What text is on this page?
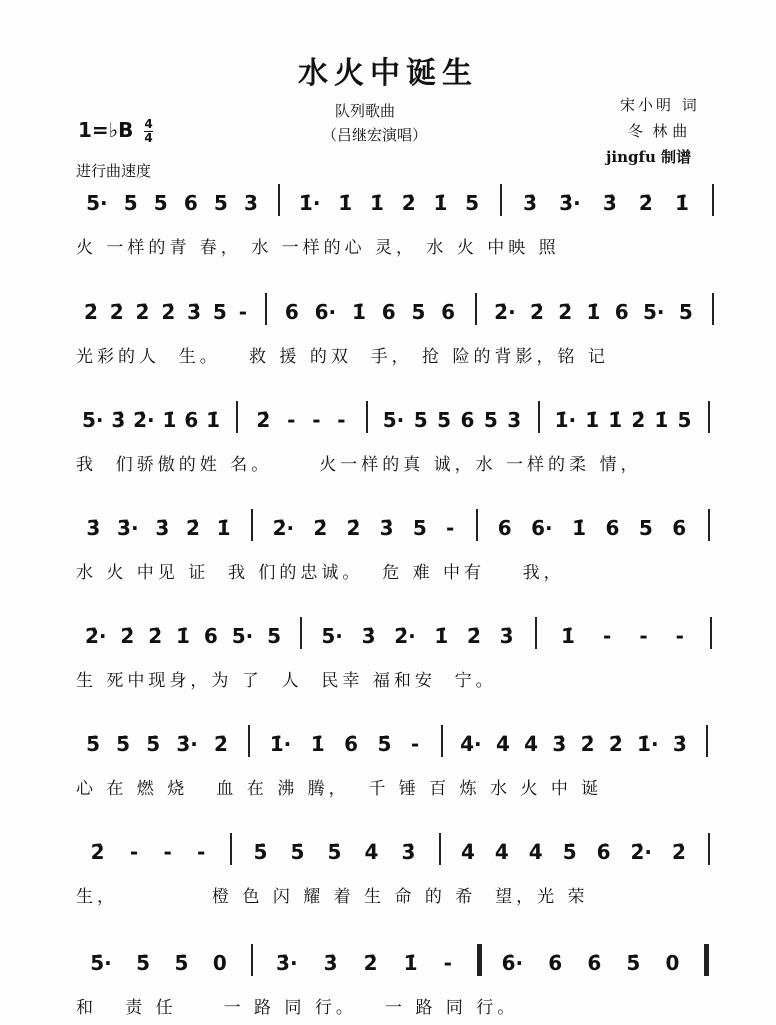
水火中诞生
队列歌曲
（吕继宏演唱）
宋小明 词
冬  林 曲
jingfu 制谱
1=♭B $\frac{4}{4}$
进行曲速度
5· 5 5 6 5 3 1̇· 1̇ 1̇ 2̇ 1̇ 5 3̇ 3̇· 3̇ 2̇ 1̇
火 一样的青 春， 水 一样的心 灵， 水 火 中映 照
2̇ 2̇ 2̇ 2̇ 3̇ 5 - 6 6· 1̇ 6 5 6 2̇· 2̇ 2̇ 1̇ 6 5· 5
光彩的人  生。   救 援 的双  手， 抢 险的背影，铭 记
5· 3̇ 2̇· 1̇ 6 1̇ 2̇ - - - 5· 5 5 6 5 3 1̇· 1̇ 1̇ 2̇ 1̇ 5
我  们骄傲的姓 名。     火一样的真 诚，水 一样的柔 情，
3̇ 3̇· 3̇ 2̇ 1̇ 2̇· 2̇ 2̇ 3̇ 5 - 6 6· 1̇ 6 5 6
水 火 中见 证  我 们的忠诚。  危 难 中有    我，
2̇· 2̇ 2̇ 1̇ 6 5· 5 5· 3̇ 2̇· 1̇ 2̇ 3̇ 1̇ - - -
生 死中现身，为 了  人  民幸 福和安  宁。
5̇ 5̇ 5̇ 3̇· 2̇ 1̇· 1̇ 6̇ 5̇ - 4̇· 4̇ 4̇ 3̇ 2̇ 2̇ 1̇· 3̇
心 在 燃 烧   血 在 沸 腾，  千 锤 百 炼 水 火 中 诞
2̇ - - - 5̇ 5̇ 5̇ 4̇ 3̇ 4̇ 4̇ 4̇ 5̇ 6̇ 2̇· 2̇
生，          橙 色 闪 耀 着 生 命 的 希  望，光 荣
5̇· 5̇ 5̇ 0 3̇· 3̇ 2̇ 1̇ - 6̇· 6̇ 6̇ 5̇ 0
和   责 任     一 路 同 行。   一 路 同 行。
